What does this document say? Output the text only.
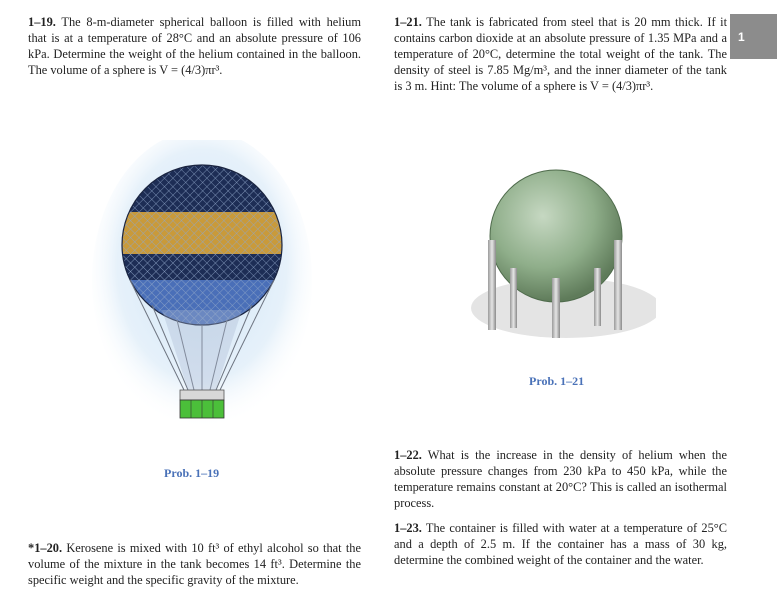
1
1–19. The 8-m-diameter spherical balloon is filled with helium that is at a temperature of 28°C and an absolute pressure of 106 kPa. Determine the weight of the helium contained in the balloon. The volume of a sphere is V = (4/3)πr³.
1–21. The tank is fabricated from steel that is 20 mm thick. If it contains carbon dioxide at an absolute pressure of 1.35 MPa and a temperature of 20°C, determine the total weight of the tank. The density of steel is 7.85 Mg/m³, and the inner diameter of the tank is 3 m. Hint: The volume of a sphere is V = (4/3)πr³.
Prob. 1–19
Prob. 1–21
1–22. What is the increase in the density of helium when the absolute pressure changes from 230 kPa to 450 kPa, while the temperature remains constant at 20°C? This is called an isothermal process.
1–23. The container is filled with water at a temperature of 25°C and a depth of 2.5 m. If the container has a mass of 30 kg, determine the combined weight of the container and the water.
*1–20. Kerosene is mixed with 10 ft³ of ethyl alcohol so that the volume of the mixture in the tank becomes 14 ft³. Determine the specific weight and the specific gravity of the mixture.
